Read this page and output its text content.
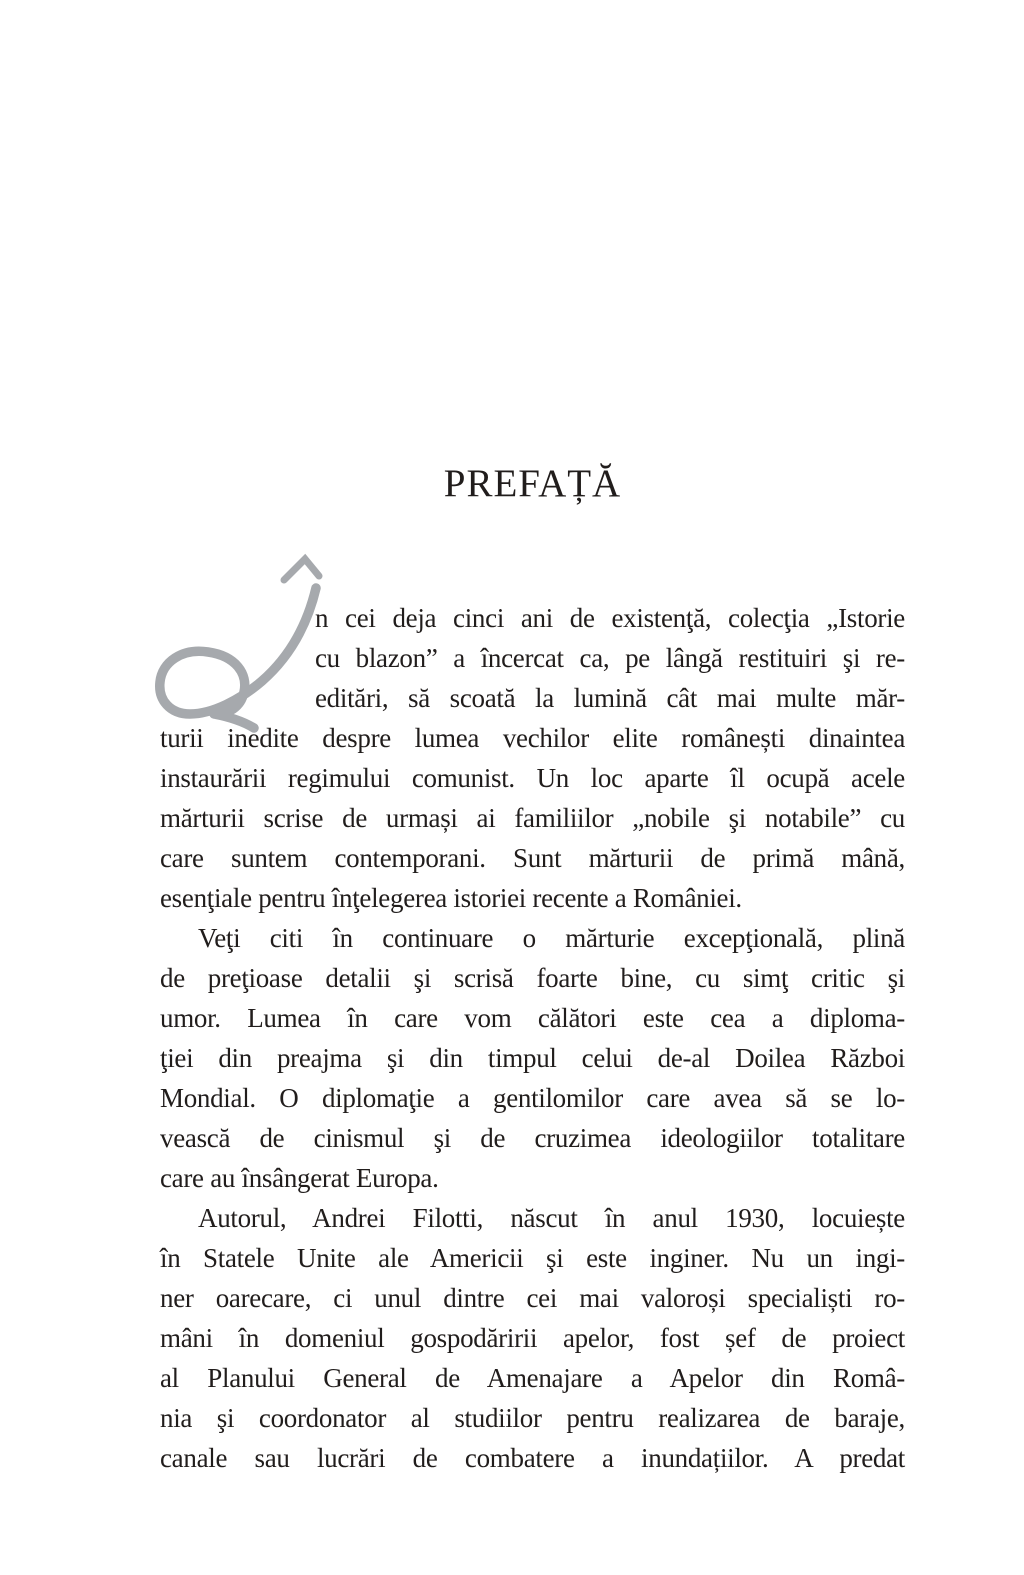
PREFAȚĂ
n cei deja cinci ani de existenţă, colecţia „Istorie
cu blazon” a încercat ca, pe lângă restituiri şi re-
editări, să scoată la lumină cât mai multe măr-
turii inedite despre lumea vechilor elite românești dinaintea
instaurării regimului comunist. Un loc aparte îl ocupă acele
mărturii scrise de urmași ai familiilor „nobile şi notabile” cu
care suntem contemporani. Sunt mărturii de primă mână,
esenţiale pentru înţelegerea istoriei recente a României.
Veţi citi în continuare o mărturie excepţională, plină
de preţioase detalii şi scrisă foarte bine, cu simţ critic şi
umor. Lumea în care vom călători este cea a diploma-
ţiei din preajma şi din timpul celui de-al Doilea Război
Mondial. O diplomaţie a gentilomilor care avea să se lo-
vească de cinismul şi de cruzimea ideologiilor totalitare
care au însângerat Europa.
Autorul, Andrei Filotti, născut în anul 1930, locuiește
în Statele Unite ale Americii şi este inginer. Nu un ingi-
ner oarecare, ci unul dintre cei mai valoroși specialiști ro-
mâni în domeniul gospodăririi apelor, fost șef de proiect
al Planului General de Amenajare a Apelor din Româ-
nia şi coordonator al studiilor pentru realizarea de baraje,
canale sau lucrări de combatere a inundațiilor. A predat
